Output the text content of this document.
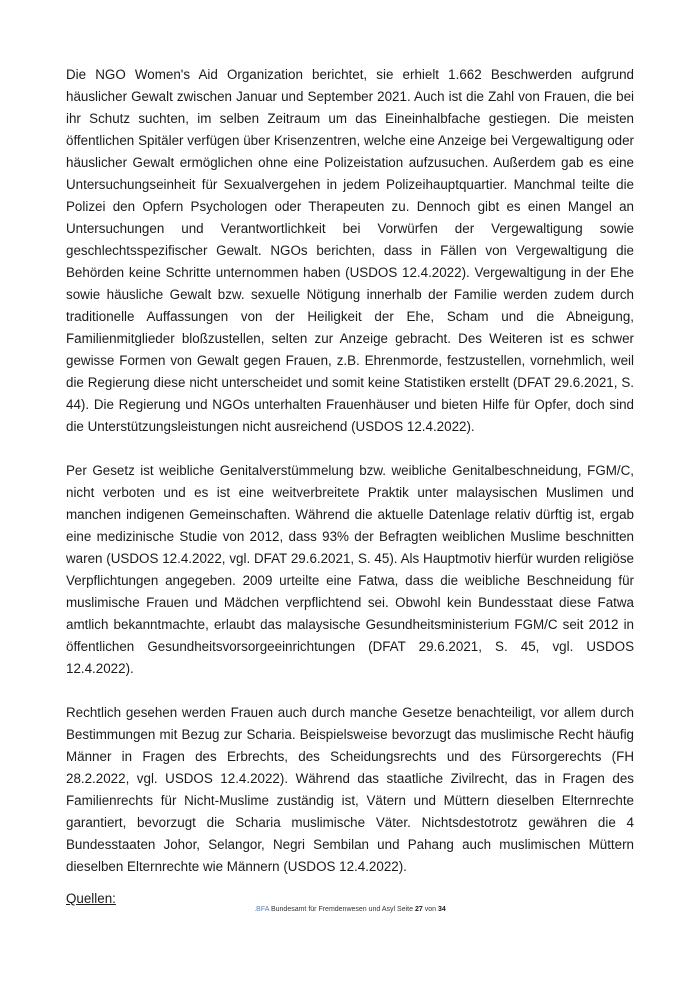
Die NGO Women's Aid Organization berichtet, sie erhielt 1.662 Beschwerden aufgrund häuslicher Gewalt zwischen Januar und September 2021. Auch ist die Zahl von Frauen, die bei ihr Schutz suchten, im selben Zeitraum um das Eineinhalbfache gestiegen. Die meisten öffentlichen Spitäler verfügen über Krisenzentren, welche eine Anzeige bei Vergewaltigung oder häuslicher Gewalt ermöglichen ohne eine Polizeistation aufzusuchen. Außerdem gab es eine Untersuchungseinheit für Sexualvergehen in jedem Polizeihauptquartier. Manchmal teilte die Polizei den Opfern Psychologen oder Therapeuten zu. Dennoch gibt es einen Mangel an Untersuchungen und Verantwortlichkeit bei Vorwürfen der Vergewaltigung sowie geschlechtsspezifischer Gewalt. NGOs berichten, dass in Fällen von Vergewaltigung die Behörden keine Schritte unternommen haben (USDOS 12.4.2022). Vergewaltigung in der Ehe sowie häusliche Gewalt bzw. sexuelle Nötigung innerhalb der Familie werden zudem durch traditionelle Auffassungen von der Heiligkeit der Ehe, Scham und die Abneigung, Familienmitglieder bloßzustellen, selten zur Anzeige gebracht. Des Weiteren ist es schwer gewisse Formen von Gewalt gegen Frauen, z.B. Ehrenmorde, festzustellen, vornehmlich, weil die Regierung diese nicht unterscheidet und somit keine Statistiken erstellt (DFAT 29.6.2021, S. 44). Die Regierung und NGOs unterhalten Frauenhäuser und bieten Hilfe für Opfer, doch sind die Unterstützungsleistungen nicht ausreichend (USDOS 12.4.2022).

Per Gesetz ist weibliche Genitalverstümmelung bzw. weibliche Genitalbeschneidung, FGM/C, nicht verboten und es ist eine weitverbreitete Praktik unter malaysischen Muslimen und manchen indigenen Gemeinschaften. Während die aktuelle Datenlage relativ dürftig ist, ergab eine medizinische Studie von 2012, dass 93% der Befragten weiblichen Muslime beschnitten waren (USDOS 12.4.2022, vgl. DFAT 29.6.2021, S. 45). Als Hauptmotiv hierfür wurden religiöse Verpflichtungen angegeben. 2009 urteilte eine Fatwa, dass die weibliche Beschneidung für muslimische Frauen und Mädchen verpflichtend sei. Obwohl kein Bundesstaat diese Fatwa amtlich bekanntmachte, erlaubt das malaysische Gesundheitsministerium FGM/C seit 2012 in öffentlichen Gesundheitsvorsorgeeinrichtungen (DFAT 29.6.2021, S. 45, vgl. USDOS 12.4.2022).

Rechtlich gesehen werden Frauen auch durch manche Gesetze benachteiligt, vor allem durch Bestimmungen mit Bezug zur Scharia. Beispielsweise bevorzugt das muslimische Recht häufig Männer in Fragen des Erbrechts, des Scheidungsrechts und des Fürsorgerechts (FH 28.2.2022, vgl. USDOS 12.4.2022). Während das staatliche Zivilrecht, das in Fragen des Familienrechts für Nicht-Muslime zuständig ist, Vätern und Müttern dieselben Elternrechte garantiert, bevorzugt die Scharia muslimische Väter. Nichtsdestotrotz gewähren die 4 Bundesstaaten Johor, Selangor, Negri Sembilan und Pahang auch muslimischen Müttern dieselben Elternrechte wie Männern (USDOS 12.4.2022).

Quellen:

.BFA Bundesamt für Fremdenwesen und Asyl Seite 27 von 34
